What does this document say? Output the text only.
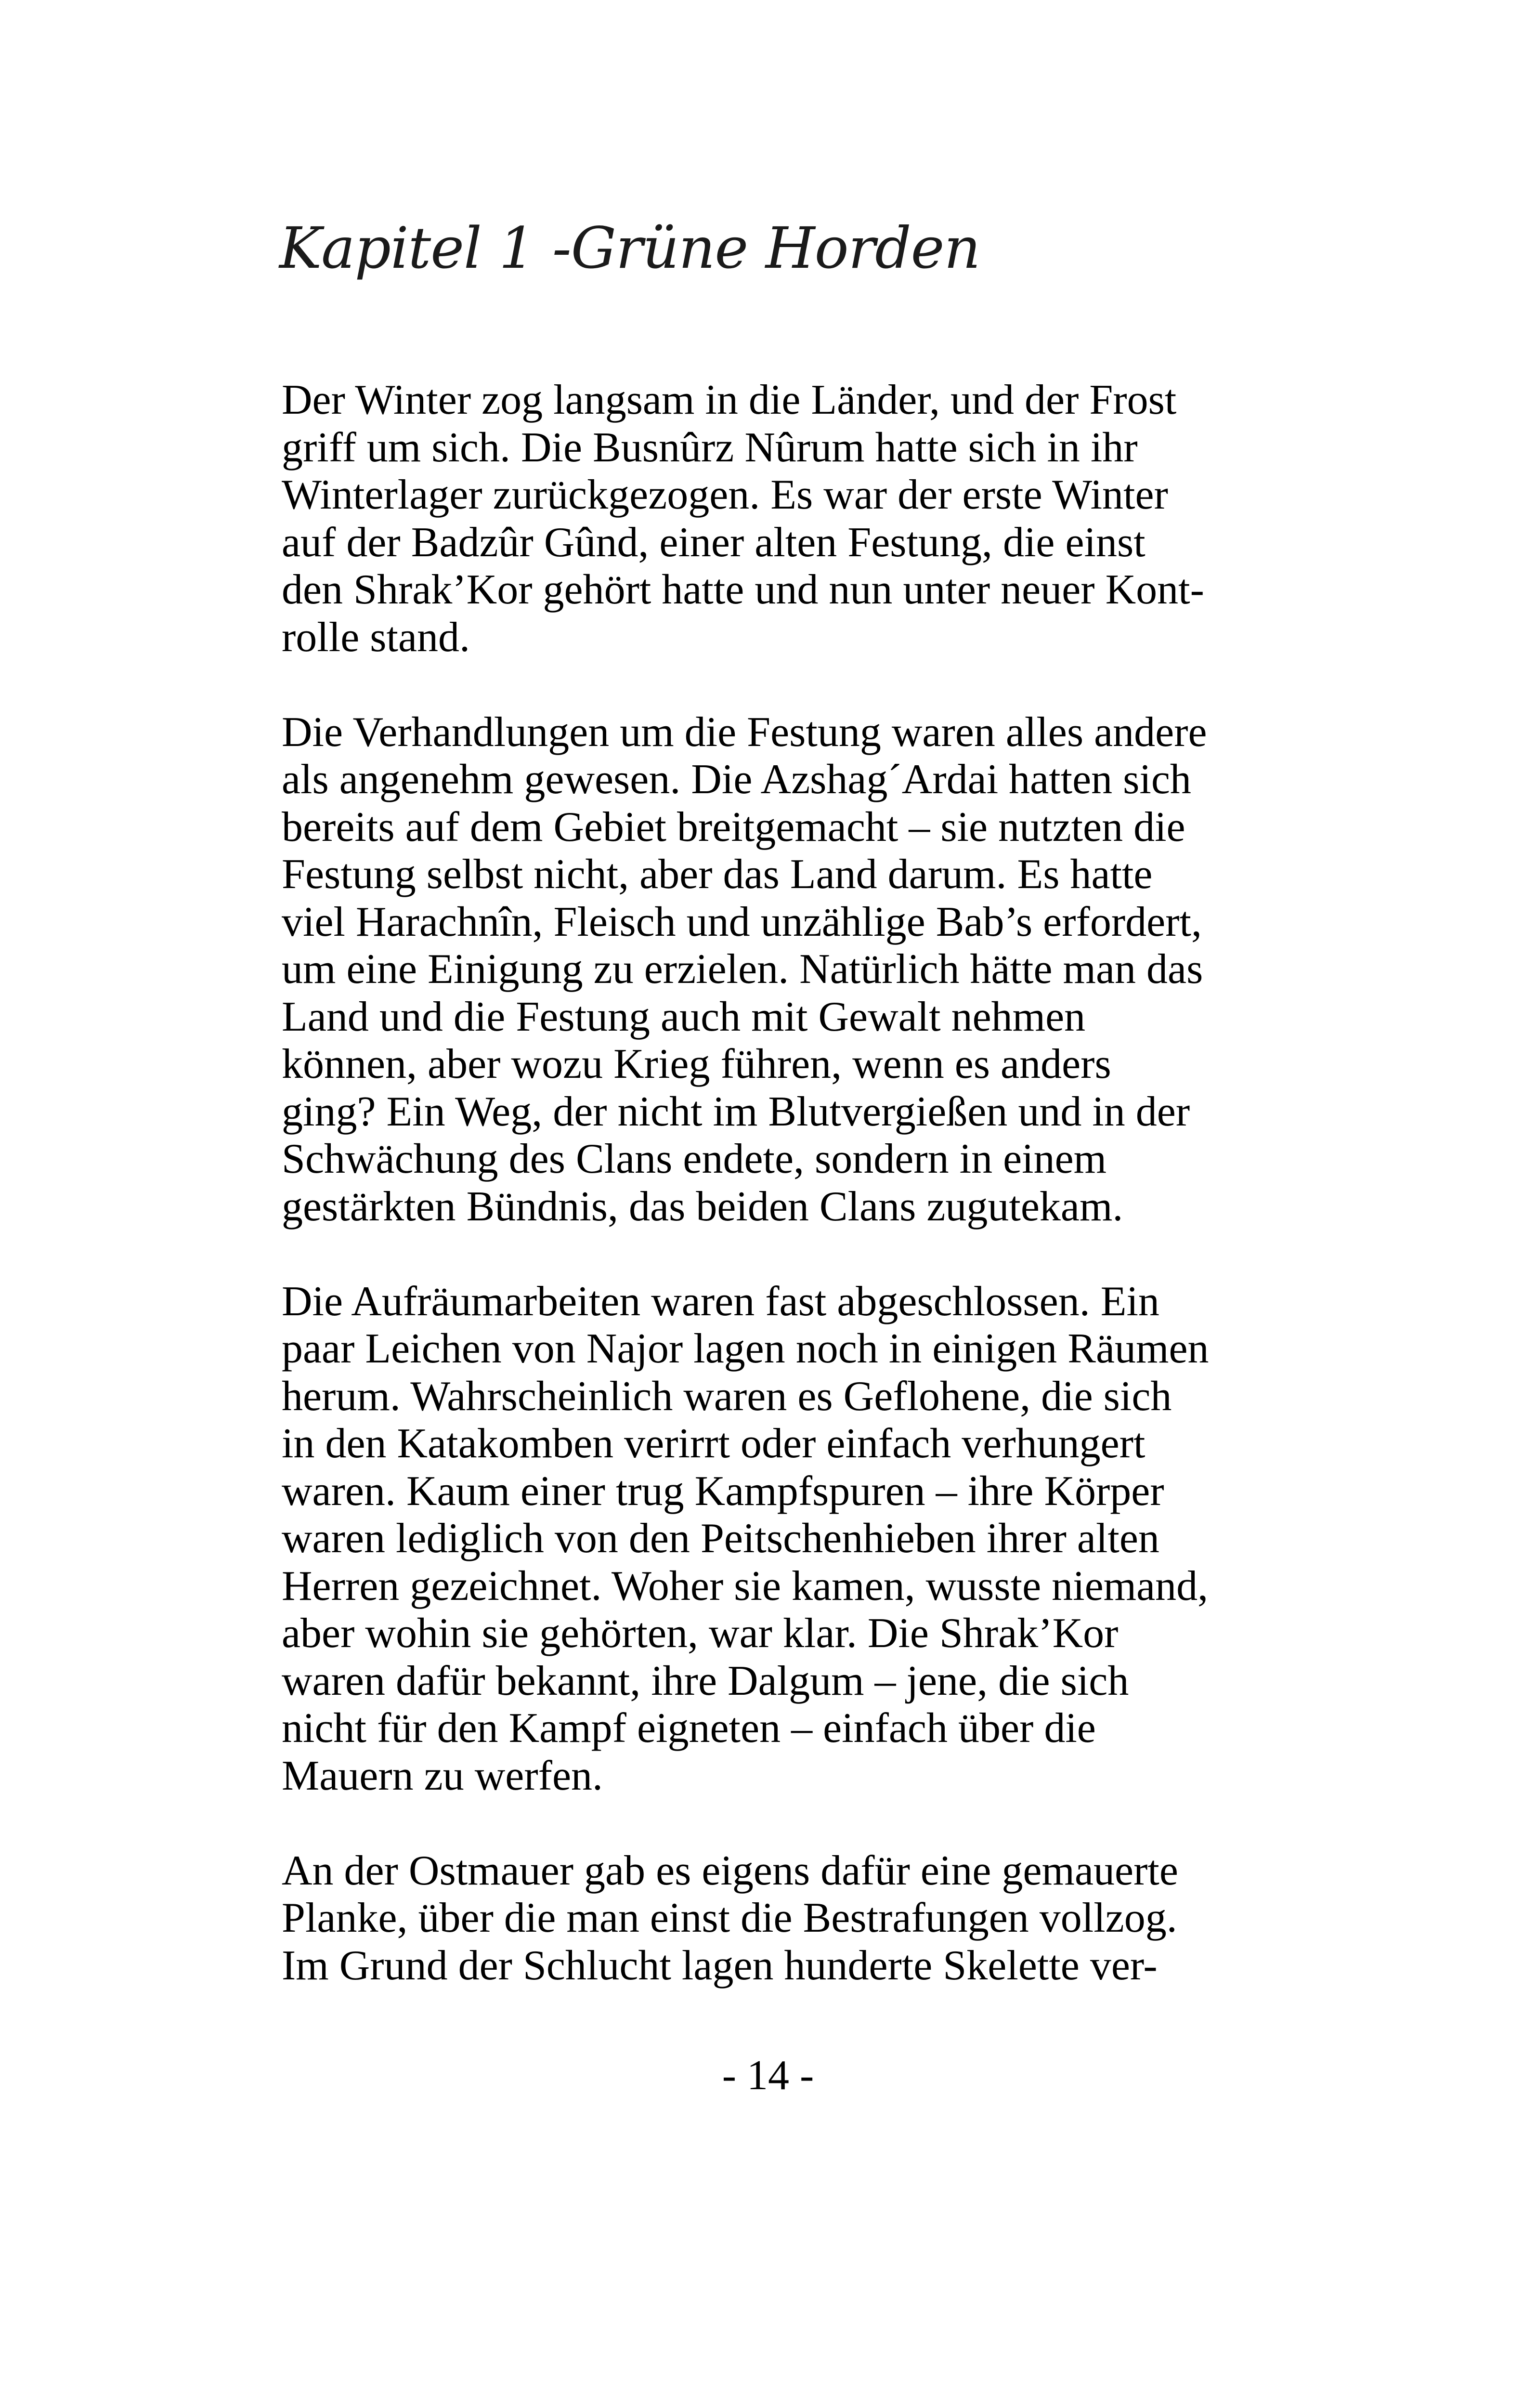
Kapitel 1 -Grüne Horden
Der Winter zog langsam in die Länder, und der Frost
griff um sich. Die Busnûrz Nûrum hatte sich in ihr
Winterlager zurückgezogen. Es war der erste Winter
auf der Badzûr Gûnd, einer alten Festung, die einst
den Shrak’Kor gehört hatte und nun unter neuer Kont-
rolle stand.
Die Verhandlungen um die Festung waren alles andere
als angenehm gewesen. Die Azshag´Ardai hatten sich
bereits auf dem Gebiet breitgemacht – sie nutzten die
Festung selbst nicht, aber das Land darum. Es hatte
viel Harachnîn, Fleisch und unzählige Bab’s erfordert,
um eine Einigung zu erzielen. Natürlich hätte man das
Land und die Festung auch mit Gewalt nehmen
können, aber wozu Krieg führen, wenn es anders
ging? Ein Weg, der nicht im Blutvergießen und in der
Schwächung des Clans endete, sondern in einem
gestärkten Bündnis, das beiden Clans zugutekam.
Die Aufräumarbeiten waren fast abgeschlossen. Ein
paar Leichen von Najor lagen noch in einigen Räumen
herum. Wahrscheinlich waren es Geflohene, die sich
in den Katakomben verirrt oder einfach verhungert
waren. Kaum einer trug Kampfspuren – ihre Körper
waren lediglich von den Peitschenhieben ihrer alten
Herren gezeichnet. Woher sie kamen, wusste niemand,
aber wohin sie gehörten, war klar. Die Shrak’Kor
waren dafür bekannt, ihre Dalgum – jene, die sich
nicht für den Kampf eigneten – einfach über die
Mauern zu werfen.
An der Ostmauer gab es eigens dafür eine gemauerte
Planke, über die man einst die Bestrafungen vollzog.
Im Grund der Schlucht lagen hunderte Skelette ver-
- 14 -
